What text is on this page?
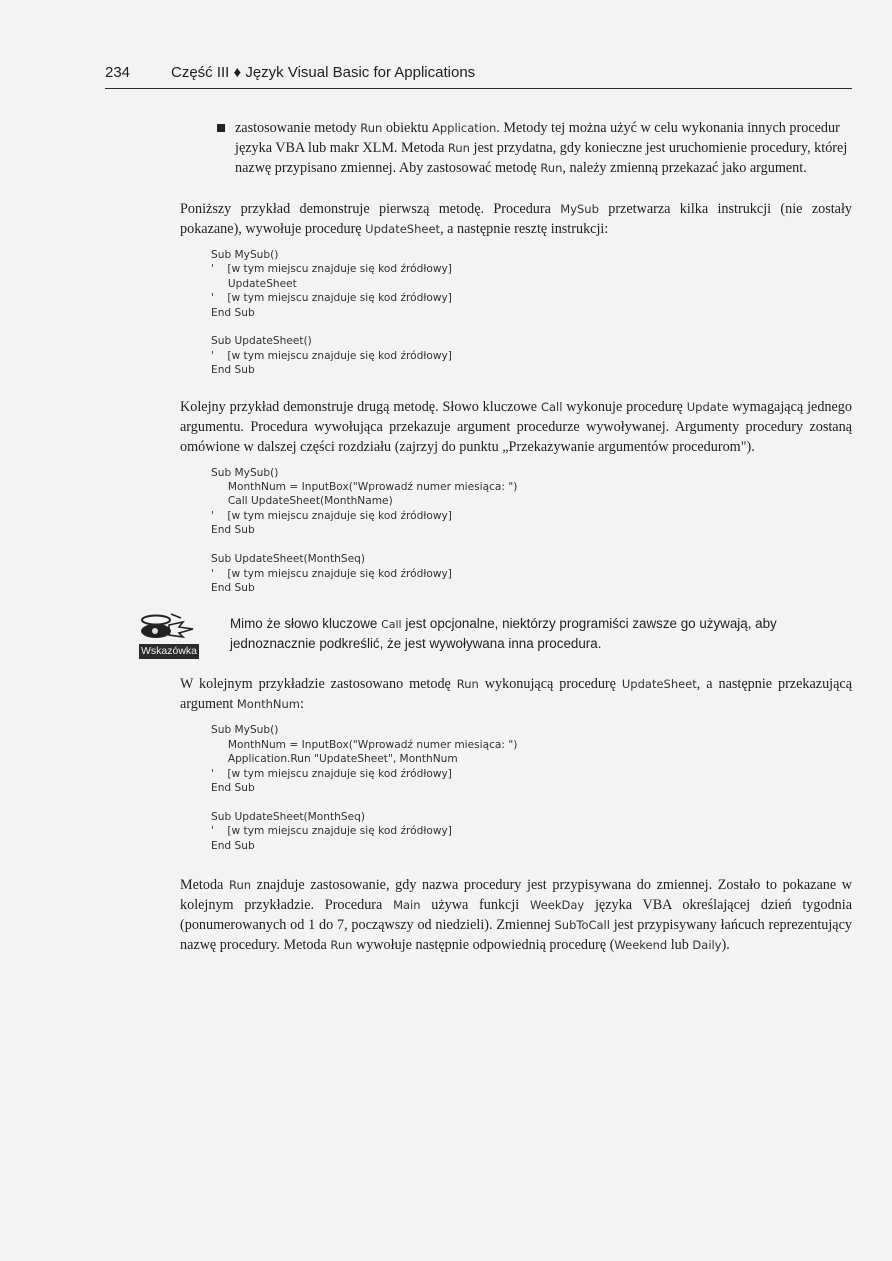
234	Część III ♦ Język Visual Basic for Applications

zastosowanie metody Run obiektu Application. Metody tej można użyć w celu wykonania innych procedur języka VBA lub makr XLM. Metoda Run jest przydatna, gdy konieczne jest uruchomienie procedury, której nazwę przypisano zmiennej. Aby zastosować metodę Run, należy zmienną przekazać jako argument.

Poniższy przykład demonstruje pierwszą metodę. Procedura MySub przetwarza kilka instrukcji (nie zostały pokazane), wywołuje procedurę UpdateSheet, a następnie resztę instrukcji:

Sub MySub()
'    [w tym miejscu znajduje się kod źródłowy]
UpdateSheet
'    [w tym miejscu znajduje się kod źródłowy]
End Sub

Sub UpdateSheet()
'    [w tym miejscu znajduje się kod źródłowy]
End Sub

Kolejny przykład demonstruje drugą metodę. Słowo kluczowe Call wykonuje procedurę Update wymagającą jednego argumentu. Procedura wywołująca przekazuje argument procedurze wywoływanej. Argumenty procedury zostaną omówione w dalszej części rozdziału (zajrzyj do punktu „Przekazywanie argumentów procedurom").

Sub MySub()
MonthNum = InputBox("Wprowadź numer miesiąca: ")
Call UpdateSheet(MonthName)
'    [w tym miejscu znajduje się kod źródłowy]
End Sub

Sub UpdateSheet(MonthSeq)
'    [w tym miejscu znajduje się kod źródłowy]
End Sub
Wskazówka

Mimo że słowo kluczowe Call jest opcjonalne, niektórzy programiści zawsze go używają, aby jednoznacznie podkreślić, że jest wywoływana inna procedura.

W kolejnym przykładzie zastosowano metodę Run wykonującą procedurę UpdateSheet, a następnie przekazującą argument MonthNum:

Sub MySub()
MonthNum = InputBox("Wprowadź numer miesiąca: ")
Application.Run "UpdateSheet", MonthNum
'    [w tym miejscu znajduje się kod źródłowy]
End Sub

Sub UpdateSheet(MonthSeq)
'    [w tym miejscu znajduje się kod źródłowy]
End Sub

Metoda Run znajduje zastosowanie, gdy nazwa procedury jest przypisywana do zmiennej. Zostało to pokazane w kolejnym przykładzie. Procedura Main używa funkcji WeekDay języka VBA określającej dzień tygodnia (ponumerowanych od 1 do 7, począwszy od niedzieli). Zmiennej SubToCall jest przypisywany łańcuch reprezentujący nazwę procedury. Metoda Run wywołuje następnie odpowiednią procedurę (Weekend lub Daily).
